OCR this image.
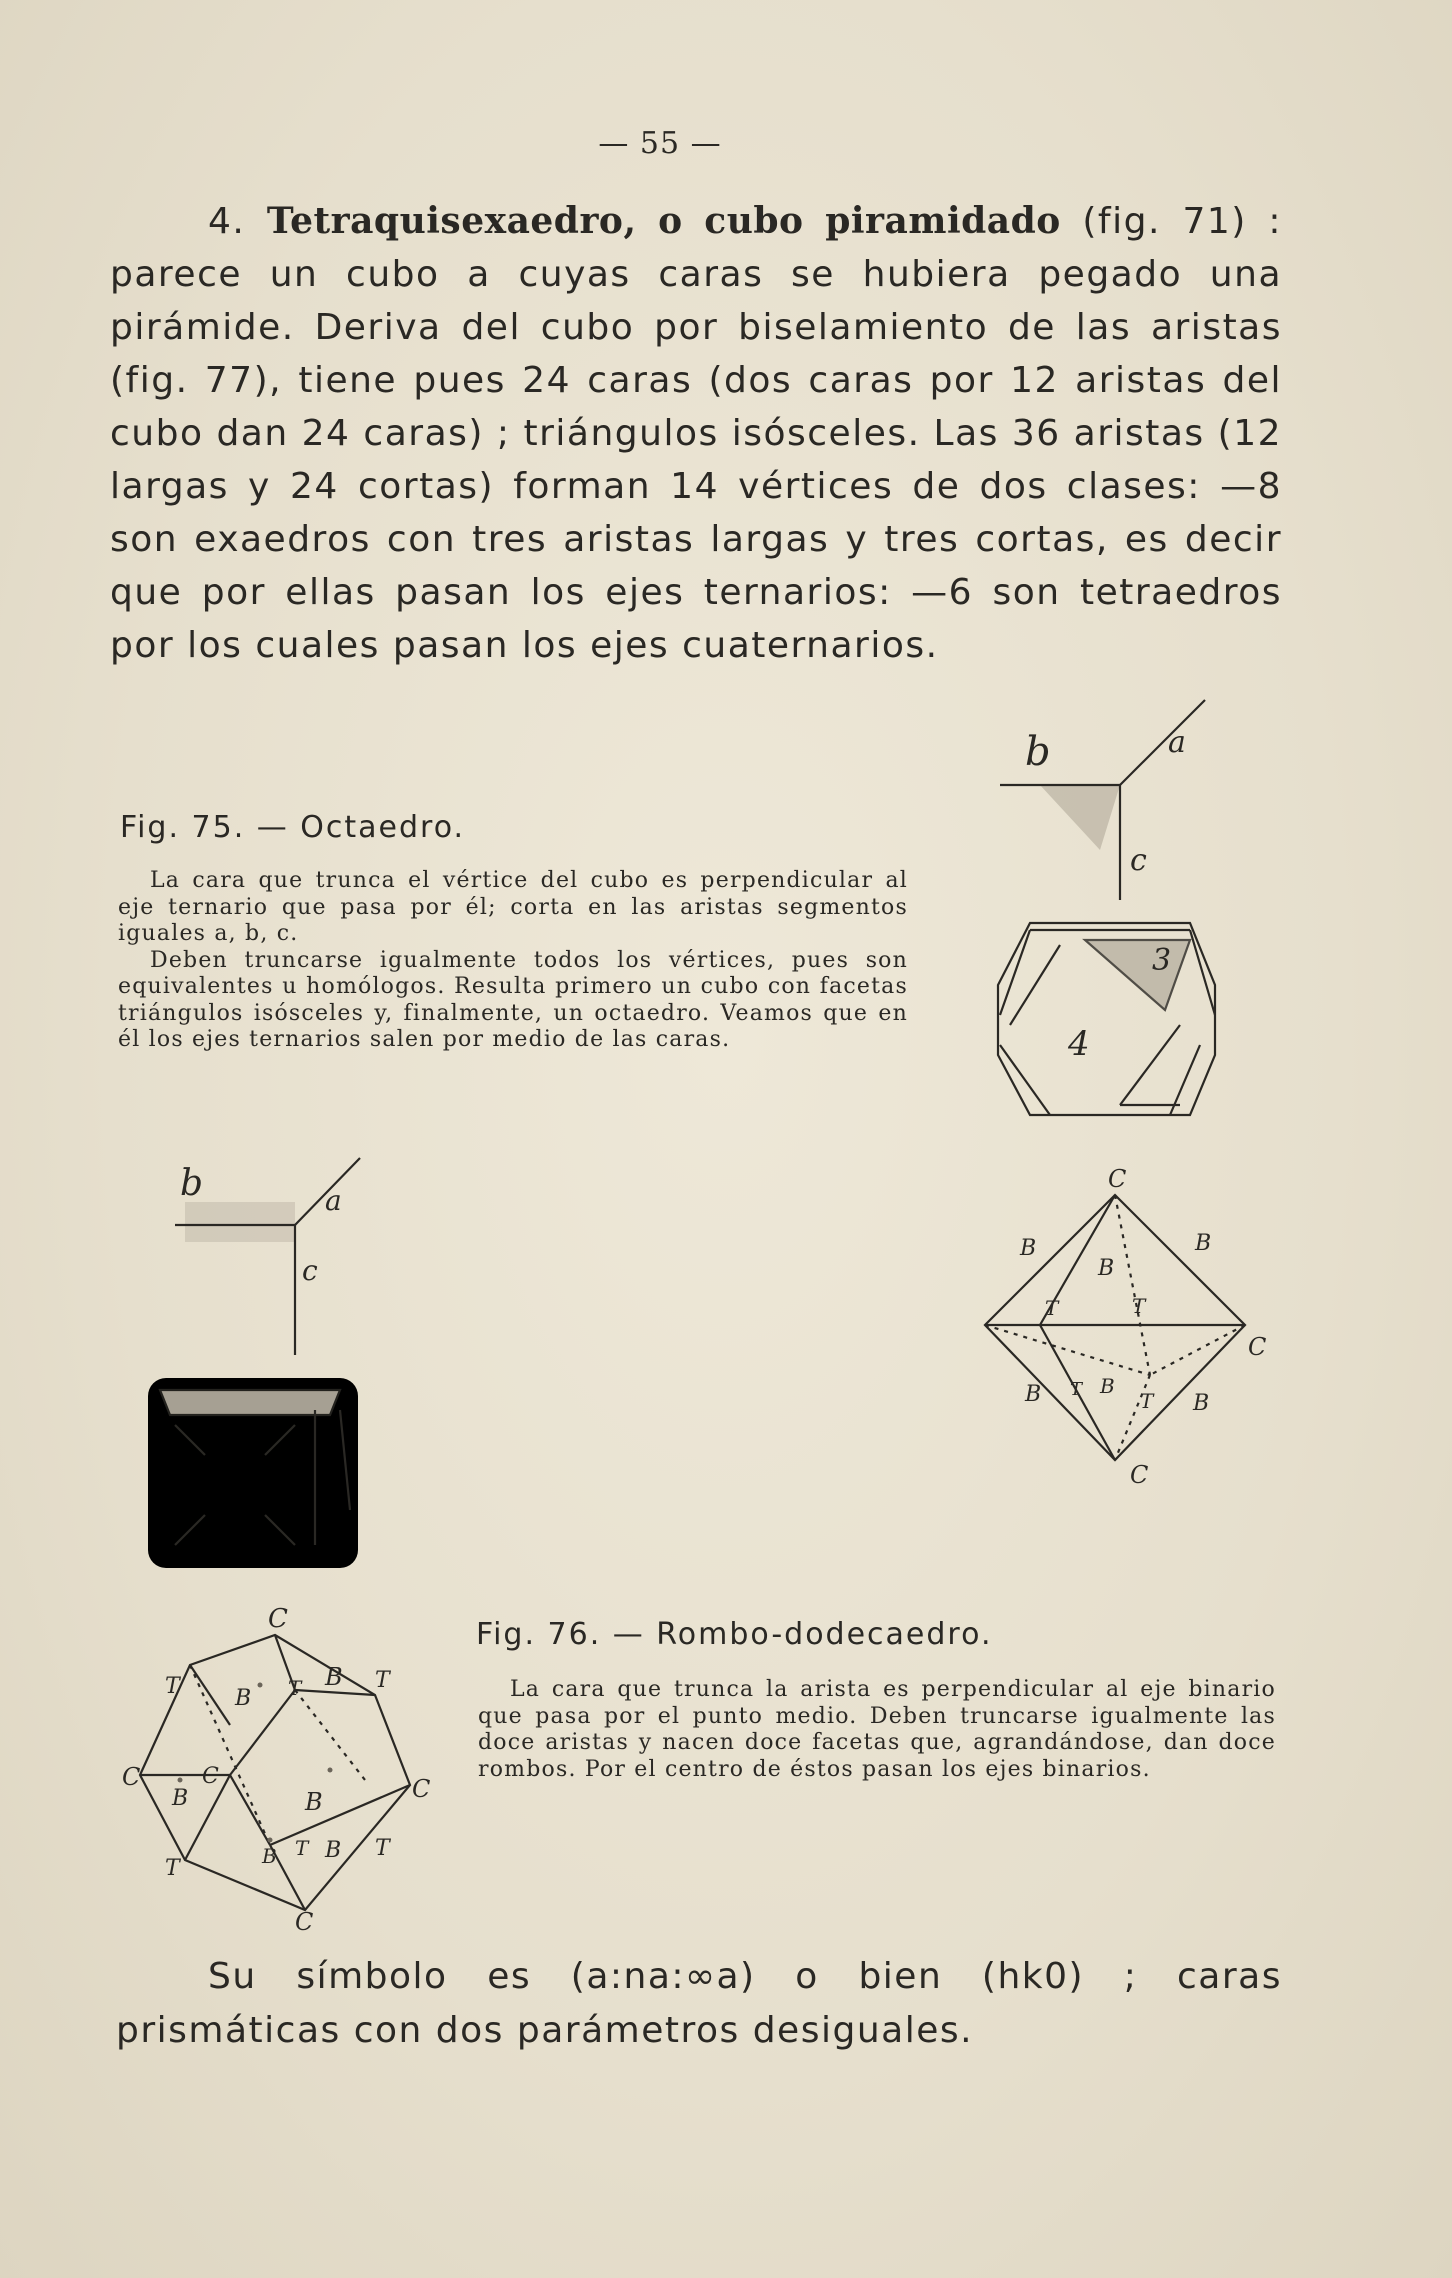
— 55 —
4. Tetraquisexaedro, o cubo piramidado (fig. 71) : parece un cubo a cuyas caras se hubiera pegado una pirámide. Deriva del cubo por biselamiento de las aristas (fig. 77), tiene pues 24 caras (dos caras por 12 aristas del cubo dan 24 caras) ; triángulos isósceles. Las 36 aristas (12 largas y 24 cortas) forman 14 vértices de dos clases: —8 son exaedros con tres aristas largas y tres cortas, es decir que por ellas pasan los ejes ternarios: —6 son tetraedros por los cuales pasan los ejes cuaternarios.
Fig. 75. — Octaedro.

La cara que trunca el vértice del cubo es perpendicular al eje ternario que pasa por él; corta en las aristas segmentos iguales a, b, c.

Deben truncarse igualmente todos los vértices, pues son equivalentes u homólogos. Resulta primero un cubo con facetas triángulos isósceles y, finalmente, un octaedro. Veamos que en él los ejes ternarios salen por medio de las caras.

Fig. 76. — Rombo-dodecaedro.

La cara que trunca la arista es perpendicular al eje binario que pasa por el punto medio. Deben truncarse igualmente las doce aristas y nacen doce facetas que, agrandándose, dan doce rombos. Por el centro de éstos pasan los ejes binarios.

b	a
c
3
4
C
C
C
B	B
B
B	B
B
T	T
T	T
b	a
c
C
C	C	C
C
T	T
T
T
T
T
B
B
B	B
B B
Su símbolo es (a:na:∞a) o bien (hk0) ; caras prismáticas con dos parámetros desiguales.
